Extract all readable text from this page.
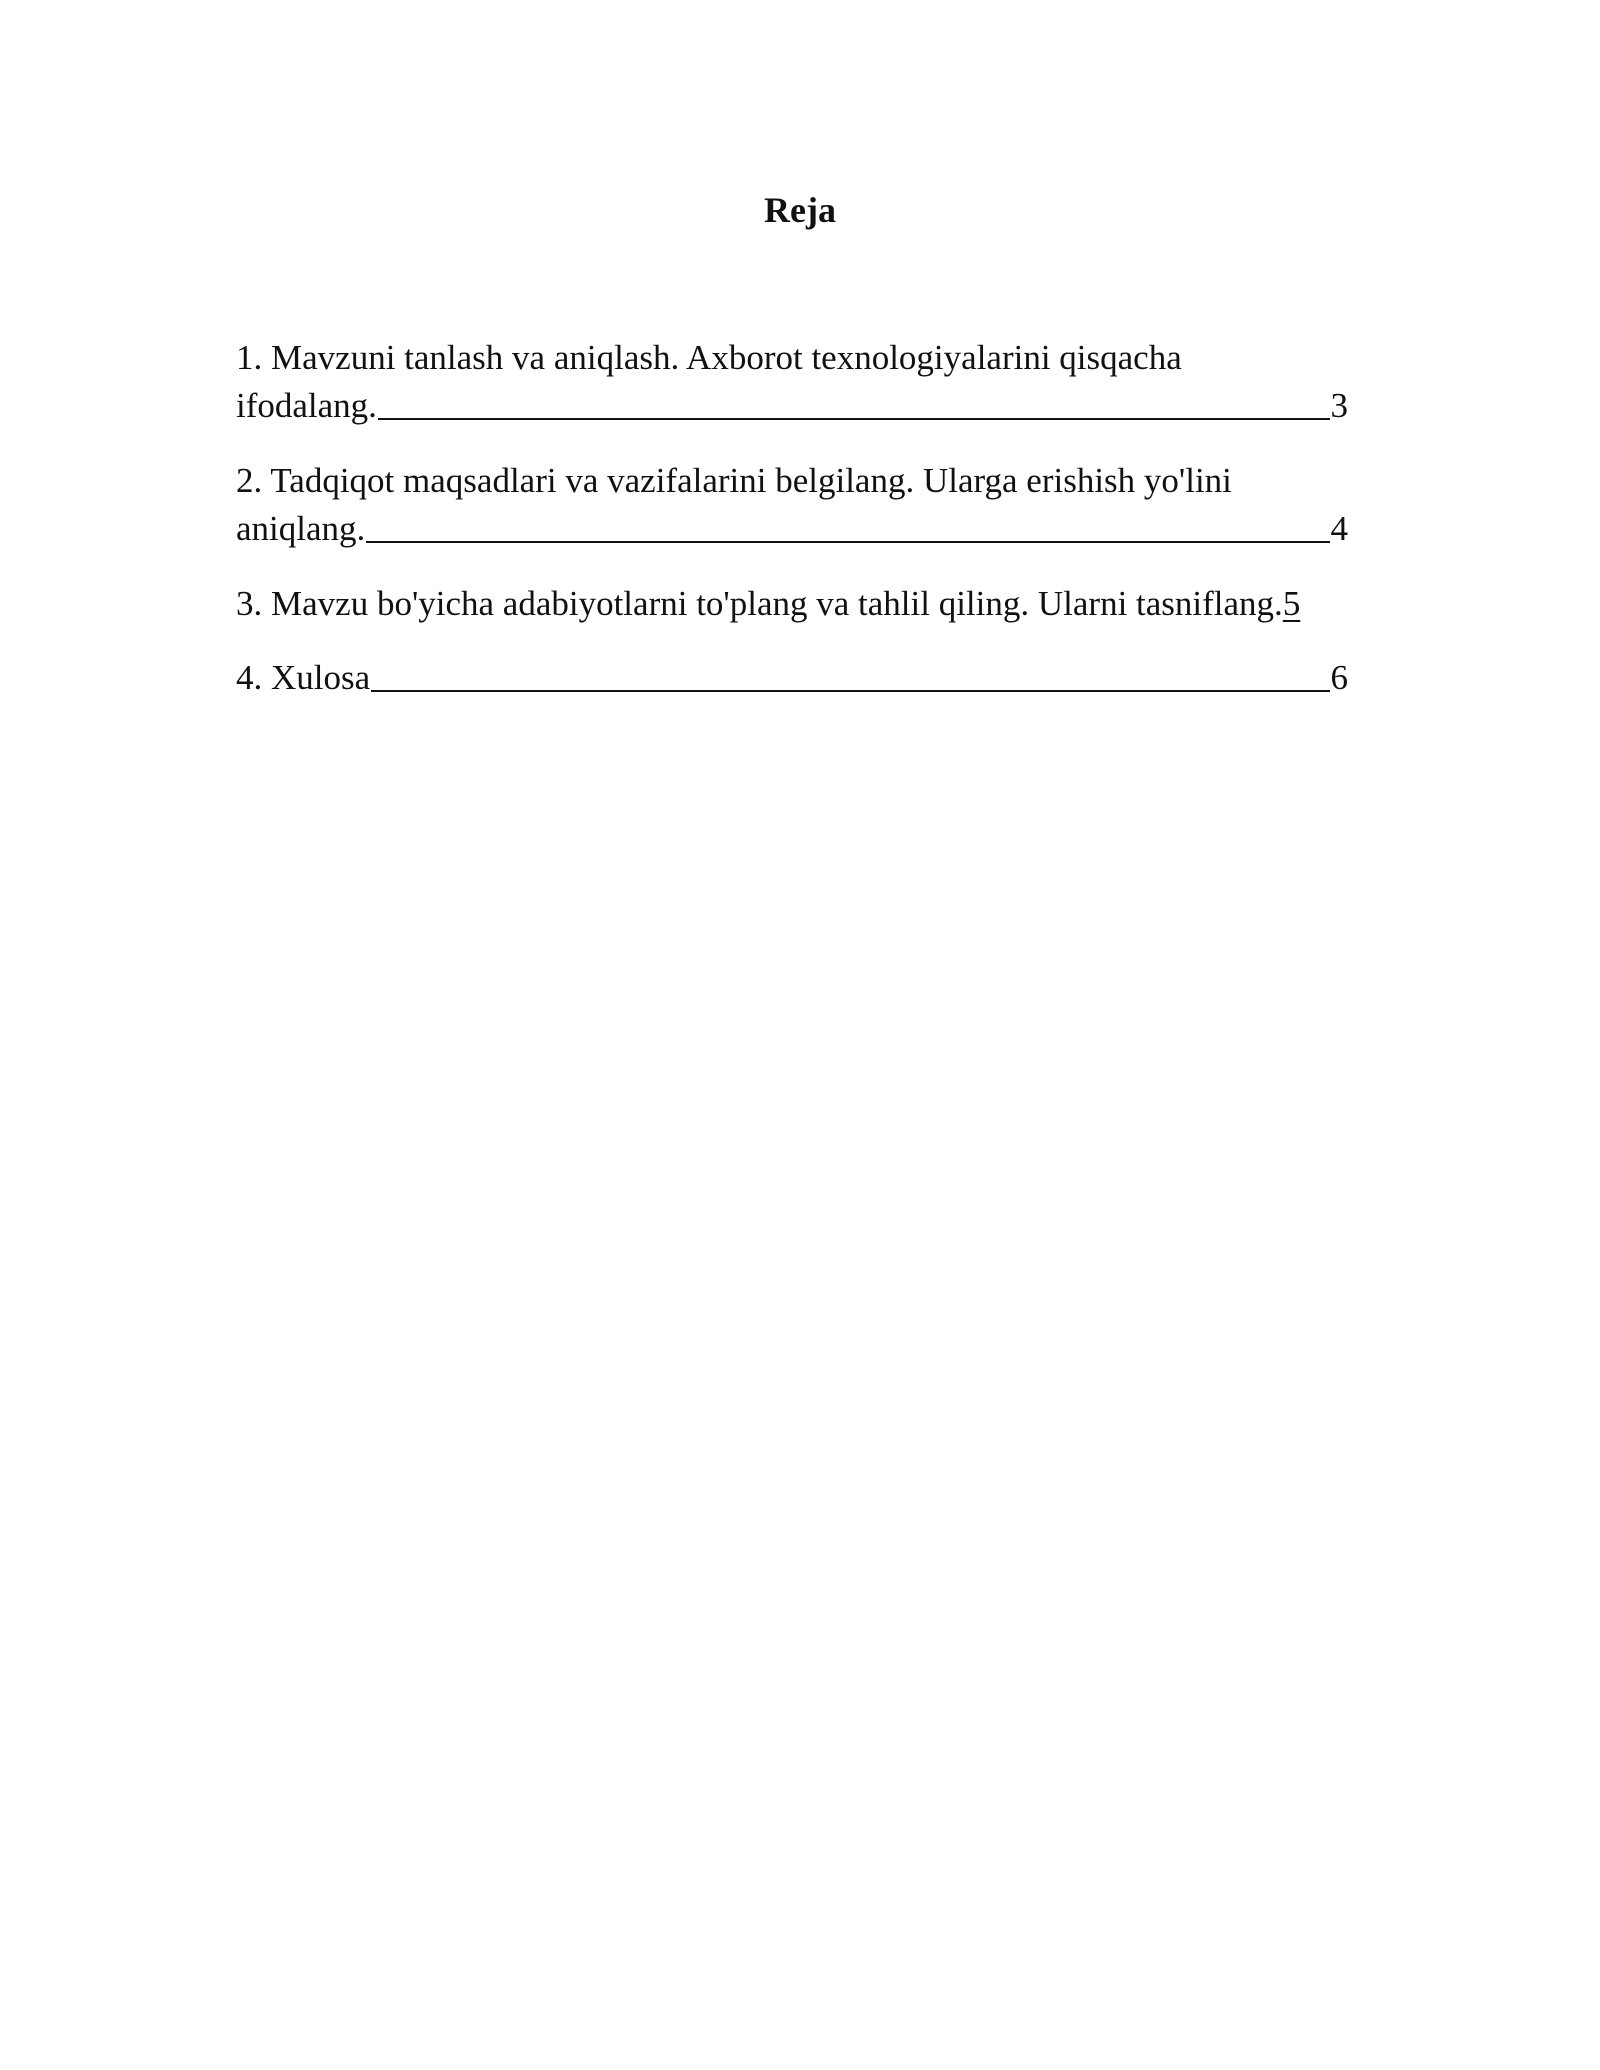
Reja
1. Mavzuni tanlash va aniqlash. Axborot texnologiyalarini qisqacha
ifodalang.	3
2. Tadqiqot maqsadlari va vazifalarini belgilang. Ularga erishish yo'lini
aniqlang.	4
3. Mavzu bo'yicha adabiyotlarni to'plang va tahlil qiling. Ularni tasniflang. 5
4. Xulosa	6
